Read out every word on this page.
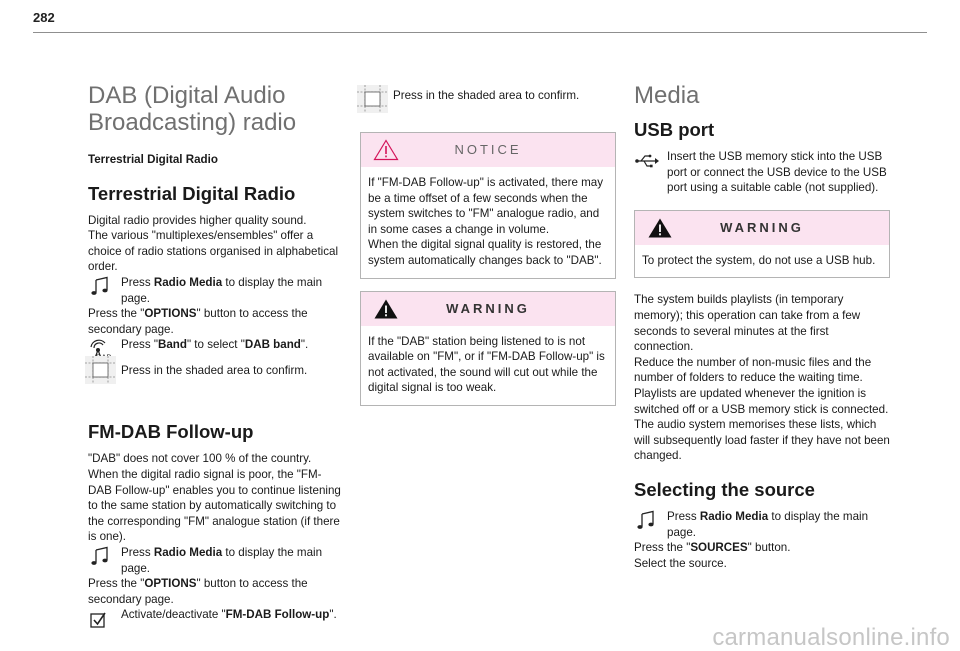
282
DAB (Digital Audio
Broadcasting) radio

Terrestrial Digital Radio

Terrestrial Digital Radio

Digital radio provides higher quality sound.

The various "multiplexes/ensembles" offer a choice of radio stations organised in alphabetical order.

Press Radio Media to display the main page.

Press the "OPTIONS" button to access the secondary page.

Press "Band" to select "DAB band".
Press in the shaded area to confirm.
FM-DAB Follow-up

"DAB" does not cover 100 % of the country.

When the digital radio signal is poor, the "FM-DAB Follow-up" enables you to continue listening to the same station by automatically switching to the corresponding "FM" analogue station (if there is one).

Press Radio Media to display the main page.

Press the "OPTIONS" button to access the secondary page.

Activate/deactivate "FM-DAB Follow-up".
Press in the shaded area to confirm.
NOTICE

If "FM-DAB Follow-up" is activated, there may be a time offset of a few seconds when the system switches to "FM" analogue radio, and in some cases a change in volume.

When the digital signal quality is restored, the system automatically changes back to "DAB".

WARNING

If the "DAB" station being listened to is not available on "FM", or if "FM-DAB Follow-up" is not activated, the sound will cut out while the digital signal is too weak.

Media
USB port
Insert the USB memory stick into the USB port or connect the USB device to the USB port using a suitable cable (not supplied).
WARNING

To protect the system, do not use a USB hub.

The system builds playlists (in temporary memory); this operation can take from a few seconds to several minutes at the first connection.

Reduce the number of non-music files and the number of folders to reduce the waiting time.

Playlists are updated whenever the ignition is switched off or a USB memory stick is connected. The audio system memorises these lists, which will subsequently load faster if they have not been changed.

Selecting the source
Press Radio Media to display the main page.

Press the "SOURCES" button.

Select the source.

carmanualsonline.info
